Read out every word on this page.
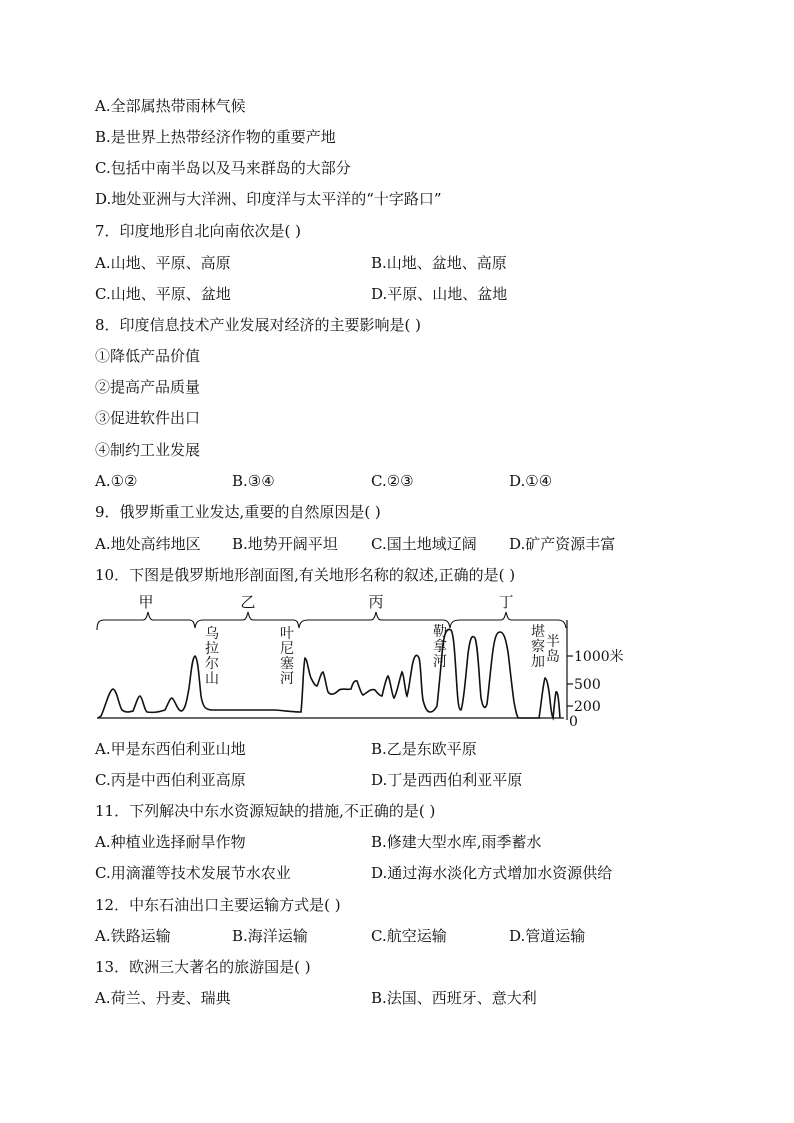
A.全部属热带雨林气候
B.是世界上热带经济作物的重要产地
C.包括中南半岛以及马来群岛的大部分
D.地处亚洲与大洋洲、印度洋与太平洋的“十字路口”
7．印度地形自北向南依次是( )
A.山地、平原、高原	B.山地、盆地、高原
C.山地、平原、盆地	D.平原、山地、盆地
8．印度信息技术产业发展对经济的主要影响是( )
①降低产品价值
②提高产品质量
③促进软件出口
④制约工业发展
A.①②	B.③④	C.②③	D.①④
9．俄罗斯重工业发达,重要的自然原因是( )
A.地处高纬地区 B.地势开阔平坦 C.国土地域辽阔 D.矿产资源丰富
10．下图是俄罗斯地形剖面图,有关地形名称的叙述,正确的是( )
甲	乙	丙	丁
乌拉尔山
叶尼塞河
勒拿河
堪察加半岛 1000米
500
200
0
A.甲是东西伯利亚山地	B.乙是东欧平原
C.丙是中西伯利亚高原	D.丁是西西伯利亚平原
11．下列解决中东水资源短缺的措施,不正确的是( )
A.种植业选择耐旱作物	B.修建大型水库,雨季蓄水
C.用滴灌等技术发展节水农业	D.通过海水淡化方式增加水资源供给
12．中东石油出口主要运输方式是( )
A.铁路运输	B.海洋运输	C.航空运输	D.管道运输
13．欧洲三大著名的旅游国是( )
A.荷兰、丹麦、瑞典	B.法国、西班牙、意大利
